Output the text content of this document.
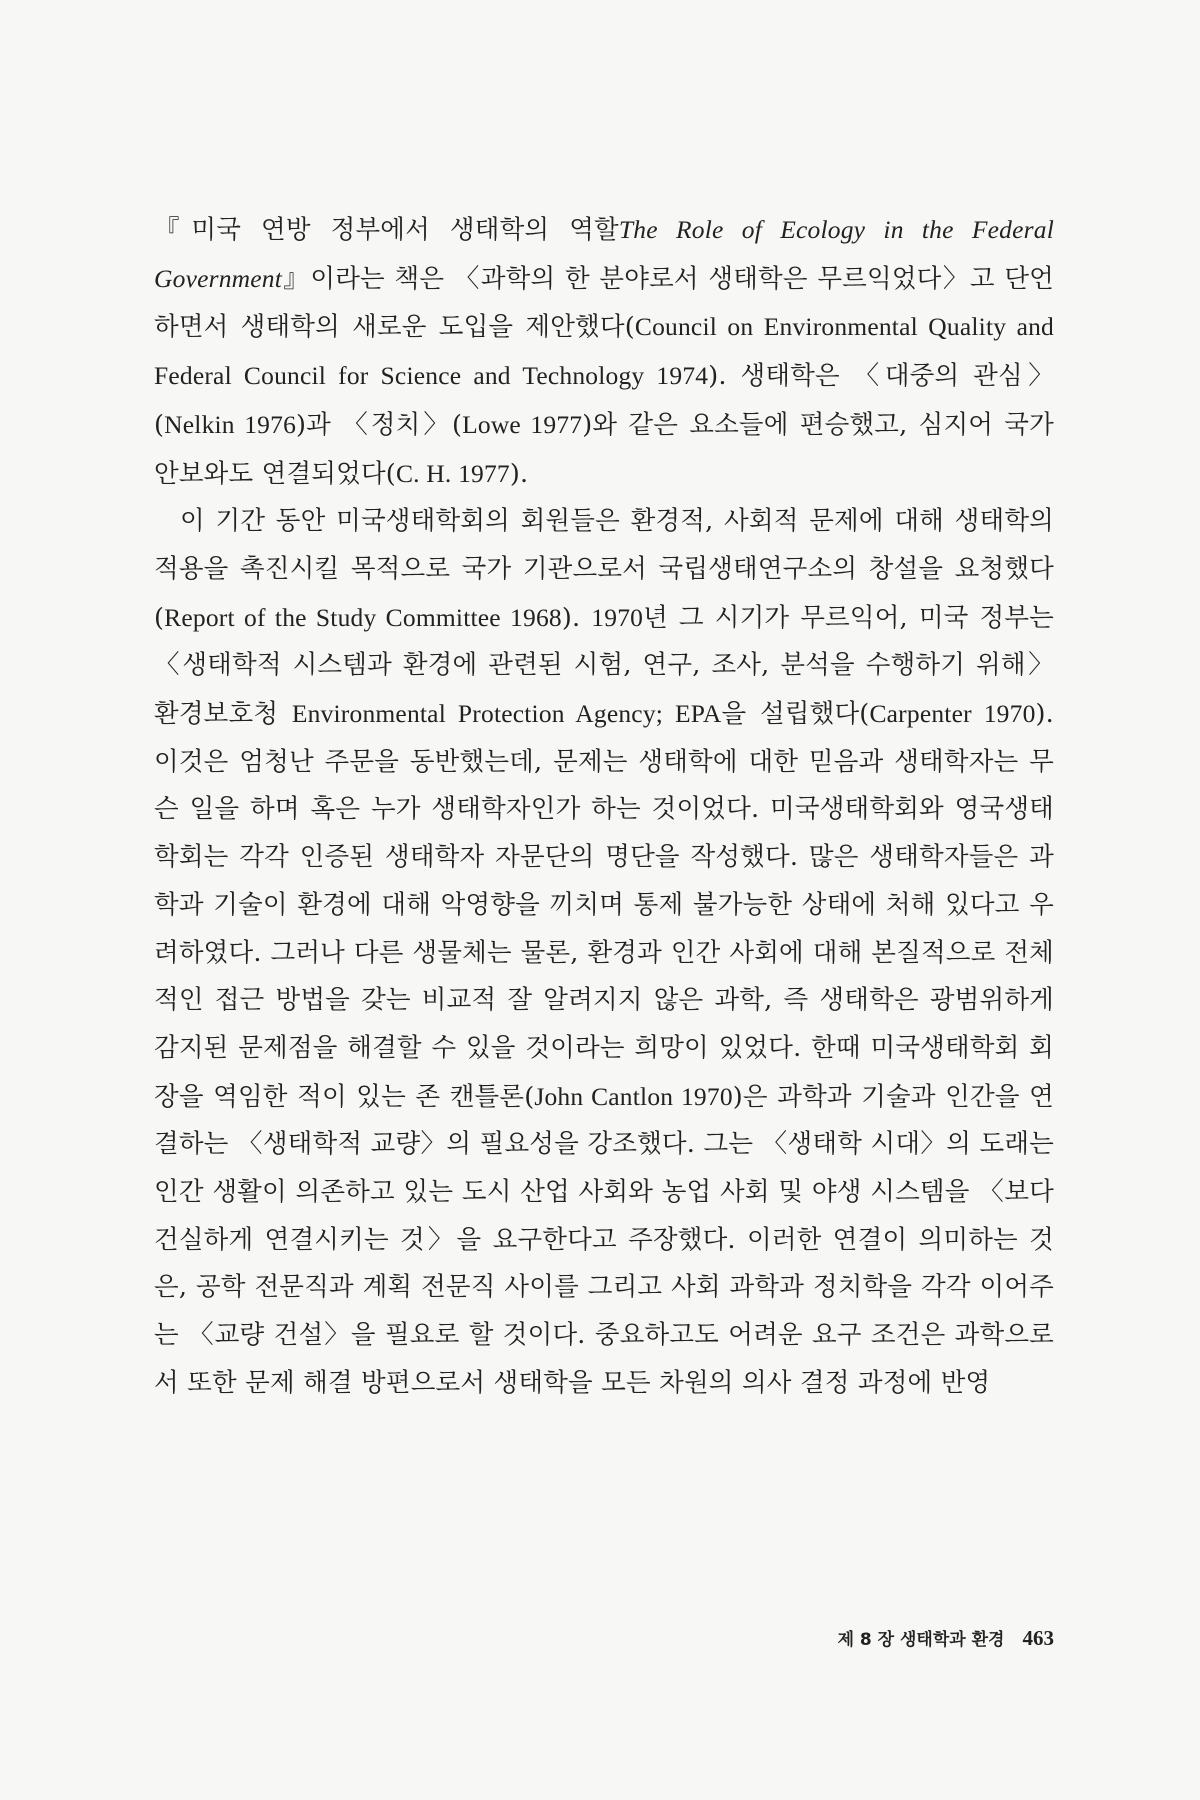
『미국 연방 정부에서 생태학의 역할The Role of Ecology in the Federal Government』이라는 책은 〈과학의 한 분야로서 생태학은 무르익었다〉고 단언하면서 생태학의 새로운 도입을 제안했다(Council on Environmental Quality and Federal Council for Science and Technology 1974). 생태학은 〈대중의 관심〉(Nelkin 1976)과 〈정치〉(Lowe 1977)와 같은 요소들에 편승했고, 심지어 국가 안보와도 연결되었다(C. H. 1977).

이 기간 동안 미국생태학회의 회원들은 환경적, 사회적 문제에 대해 생태학의 적용을 촉진시킬 목적으로 국가 기관으로서 국립생태연구소의 창설을 요청했다(Report of the Study Committee 1968). 1970년 그 시기가 무르익어, 미국 정부는 〈생태학적 시스템과 환경에 관련된 시험, 연구, 조사, 분석을 수행하기 위해〉 환경보호청 Environmental Protection Agency; EPA을 설립했다(Carpenter 1970). 이것은 엄청난 주문을 동반했는데, 문제는 생태학에 대한 믿음과 생태학자는 무슨 일을 하며 혹은 누가 생태학자인가 하는 것이었다. 미국생태학회와 영국생태학회는 각각 인증된 생태학자 자문단의 명단을 작성했다. 많은 생태학자들은 과학과 기술이 환경에 대해 악영향을 끼치며 통제 불가능한 상태에 처해 있다고 우려하였다. 그러나 다른 생물체는 물론, 환경과 인간 사회에 대해 본질적으로 전체적인 접근 방법을 갖는 비교적 잘 알려지지 않은 과학, 즉 생태학은 광범위하게 감지된 문제점을 해결할 수 있을 것이라는 희망이 있었다. 한때 미국생태학회 회장을 역임한 적이 있는 존 캔틀론(John Cantlon 1970)은 과학과 기술과 인간을 연결하는 〈생태학적 교량〉의 필요성을 강조했다. 그는 〈생태학 시대〉의 도래는 인간 생활이 의존하고 있는 도시 산업 사회와 농업 사회 및 야생 시스템을 〈보다 건실하게 연결시키는 것〉을 요구한다고 주장했다. 이러한 연결이 의미하는 것은, 공학 전문직과 계획 전문직 사이를 그리고 사회 과학과 정치학을 각각 이어주는 〈교량 건설〉을 필요로 할 것이다. 중요하고도 어려운 요구 조건은 과학으로서 또한 문제 해결 방편으로서 생태학을 모든 차원의 의사 결정 과정에 반영

제 8 장 생태학과 환경 463
